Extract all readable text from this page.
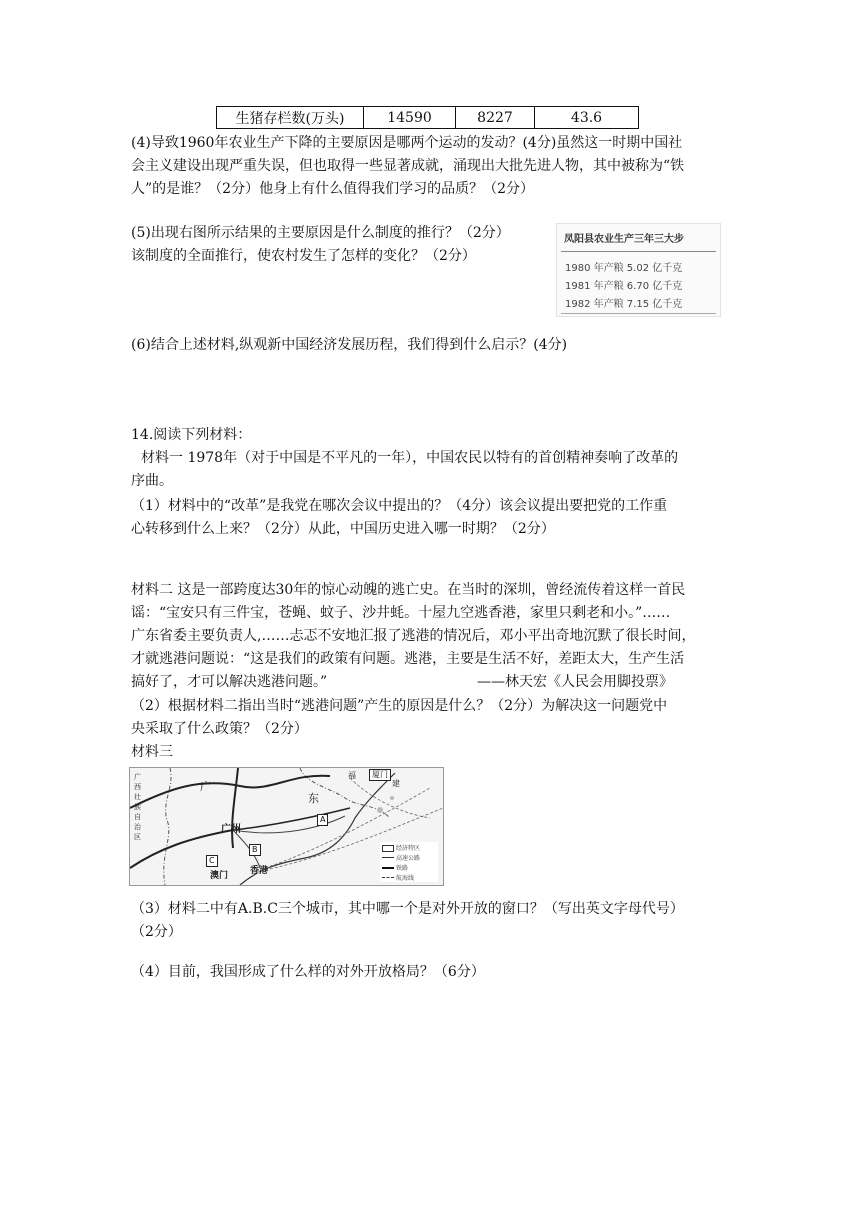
生猪存栏数(万头)	14590	8227	43.6
(4)导致1960年农业生产下降的主要原因是哪两个运动的发动？(4分)虽然这一时期中国社
会主义建设出现严重失误，但也取得一些显著成就，涌现出大批先进人物，其中被称为“铁
人”的是谁？（2分）他身上有什么值得我们学习的品质？（2分）
(5)出现右图所示结果的主要原因是什么制度的推行？（2分）
该制度的全面推行，使农村发生了怎样的变化？（2分）
凤阳县农业生产三年三大步
1980 年产粮 5.02 亿千克
1981 年产粮 6.70 亿千克
1982 年产粮 7.15 亿千克
(6)结合上述材料,纵观新中国经济发展历程，我们得到什么启示？(4分)
14.阅读下列材料：
材料一 1978年（对于中国是不平凡的一年），中国农民以特有的首创精神奏响了改革的
序曲。
（1）材料中的“改革”是我党在哪次会议中提出的？（4分）该会议提出要把党的工作重
心转移到什么上来？（2分）从此，中国历史进入哪一时期？（2分）
材料二 这是一部跨度达30年的惊心动魄的逃亡史。在当时的深圳，曾经流传着这样一首民
谣：“宝安只有三件宝，苍蝇、蚊子、沙井蚝。十屋九空逃香港，家里只剩老和小。”……
广东省委主要负责人,……忐忑不安地汇报了逃港的情况后，邓小平出奇地沉默了很长时间，
才就逃港问题说：“这是我们的政策有问题。逃港，主要是生活不好，差距太大，生产生活
搞好了，才可以解决逃港问题。”	——林天宏《人民会用脚投票》
（2）根据材料二指出当时“逃港问题”产生的原因是什么？（2分）为解决这一问题党中
央采取了什么政策？（2分）
材料三
广
西
壮
族
自
治
区
广
东
福
建
厦门
广州
A
B
C
澳门 香港
经济特区
高速公路
铁路
航海线
（3）材料二中有A.B.C三个城市，其中哪一个是对外开放的窗口？（写出英文字母代号）
（2分）
（4）目前，我国形成了什么样的对外开放格局？（6分）
